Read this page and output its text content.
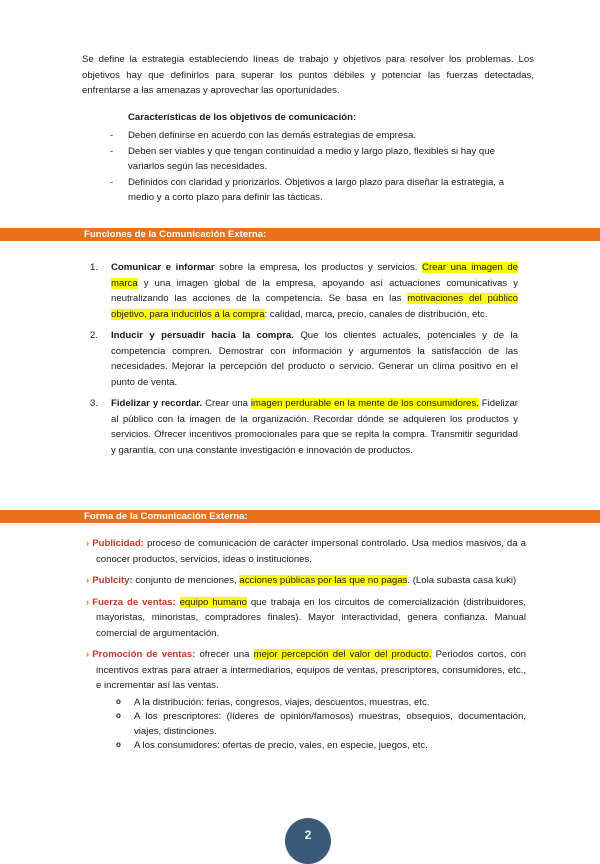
Se define la estrategia estableciendo líneas de trabajo y objetivos para resolver los problemas. Los objetivos hay que definirlos para superar los puntos débiles y potenciar las fuerzas detectadas, enfrentarse a las amenazas y aprovechar las oportunidades.
Características de los objetivos de comunicación:
- Deben definirse en acuerdo con las demás estrategias de empresa.
- Deben ser viables y que tengan continuidad a medio y largo plazo, flexibles si hay que variarlos según las necesidades.
- Definidos con claridad y priorizarlos. Objetivos a largo plazo para diseñar la estrategia, a medio y a corto plazo para definir las tácticas.
Funciones de la Comunicación Externa:
1. Comunicar e informar sobre la empresa, los productos y servicios. Crear una imagen de marca y una imagen global de la empresa, apoyando así actuaciones comunicativas y neutralizando las acciones de la competencia. Se basa en las motivaciones del público objetivo, para inducirlos a la compra: calidad, marca, precio, canales de distribución, etc.
2. Inducir y persuadir hacia la compra. Que los clientes actuales, potenciales y de la competencia compren. Demostrar con información y argumentos la satisfacción de las necesidades. Mejorar la percepción del producto o servicio. Generar un clima positivo en el punto de venta.
3. Fidelizar y recordar. Crear una imagen perdurable en la mente de los consumidores. Fidelizar al público con la imagen de la organización. Recordar dónde se adquieren los productos y servicios. Ofrecer incentivos promocionales para que se repita la compra. Transmitir seguridad y garantía, con una constante investigación e innovación de productos.
Forma de la Comunicación Externa:
› Publicidad: proceso de comunicación de carácter impersonal controlado. Usa medios masivos, da a conocer productos, servicios, ideas o instituciones.
› Publcity: conjunto de menciones, acciones públicas por las que no pagas. (Lola subasta casa kuki)
› Fuerza de ventas: equipo humano que trabaja en los circuitos de comercialización (distribuidores, mayoristas, minoristas, compradores finales). Mayor interactividad, genera confianza. Manual comercial de argumentación.
› Promoción de ventas: ofrecer una mejor percepción del valor del producto. Periodos cortos, con incentivos extras para atraer a intermediarios, equipos de ventas, prescriptores, consumidores, etc., e incrementar así las ventas.
o A la distribución: ferias, congresos, viajes, descuentos, muestras, etc.
o A los prescriptores: (líderes de opinión/famosos) muestras, obsequios, documentación, viajes, distinciones.
o A los consumidores: ofertas de precio, vales, en especie, juegos, etc.
2
